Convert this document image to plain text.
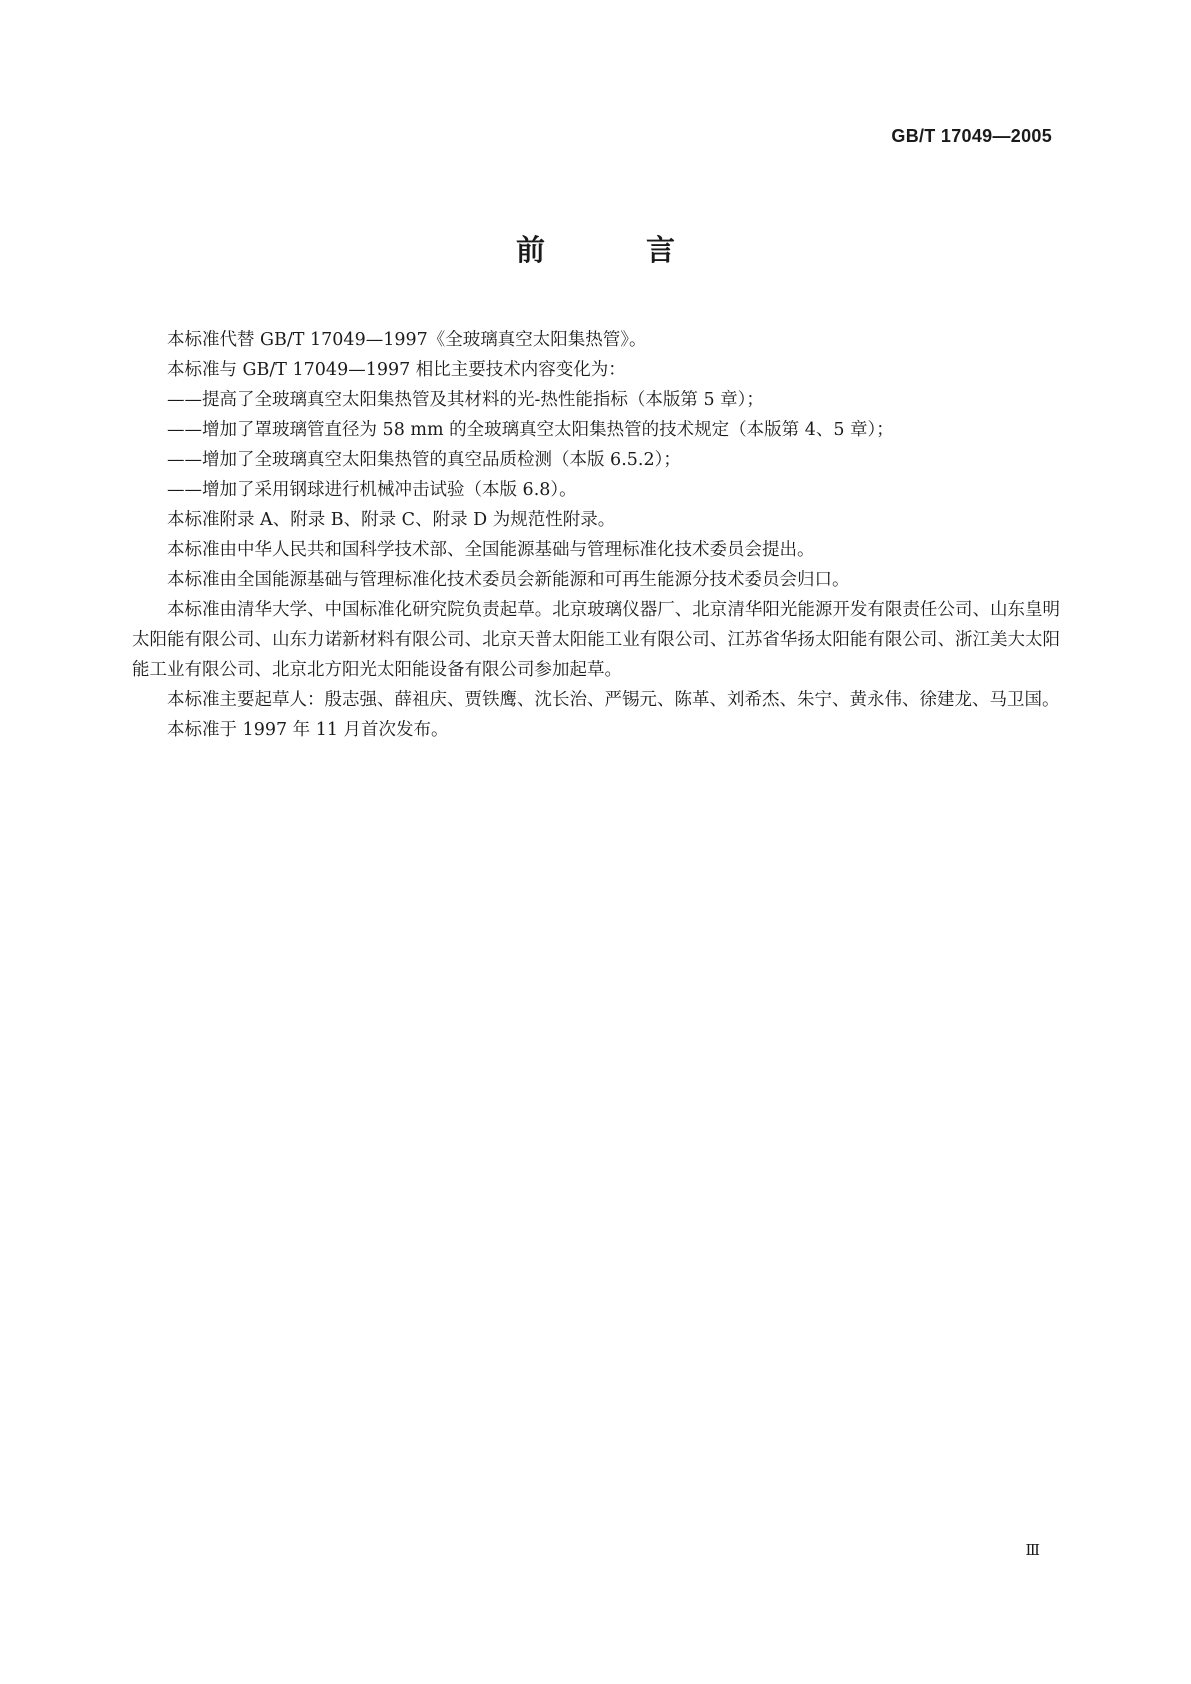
GB/T 17049—2005
前　言

本标准代替 GB/T 17049—1997《全玻璃真空太阳集热管》。

本标准与 GB/T 17049—1997 相比主要技术内容变化为：

——提高了全玻璃真空太阳集热管及其材料的光-热性能指标（本版第 5 章）；

——增加了罩玻璃管直径为 58 mm 的全玻璃真空太阳集热管的技术规定（本版第 4、5 章）；

——增加了全玻璃真空太阳集热管的真空品质检测（本版 6.5.2）；

——增加了采用钢球进行机械冲击试验（本版 6.8）。

本标准附录 A、附录 B、附录 C、附录 D 为规范性附录。

本标准由中华人民共和国科学技术部、全国能源基础与管理标准化技术委员会提出。

本标准由全国能源基础与管理标准化技术委员会新能源和可再生能源分技术委员会归口。

本标准由清华大学、中国标准化研究院负责起草。北京玻璃仪器厂、北京清华阳光能源开发有限责任公司、山东皇明太阳能有限公司、山东力诺新材料有限公司、北京天普太阳能工业有限公司、江苏省华扬太阳能有限公司、浙江美大太阳能工业有限公司、北京北方阳光太阳能设备有限公司参加起草。

本标准主要起草人：殷志强、薛祖庆、贾铁鹰、沈长治、严锡元、陈革、刘希杰、朱宁、黄永伟、徐建龙、马卫国。

本标准于 1997 年 11 月首次发布。

Ⅲ
